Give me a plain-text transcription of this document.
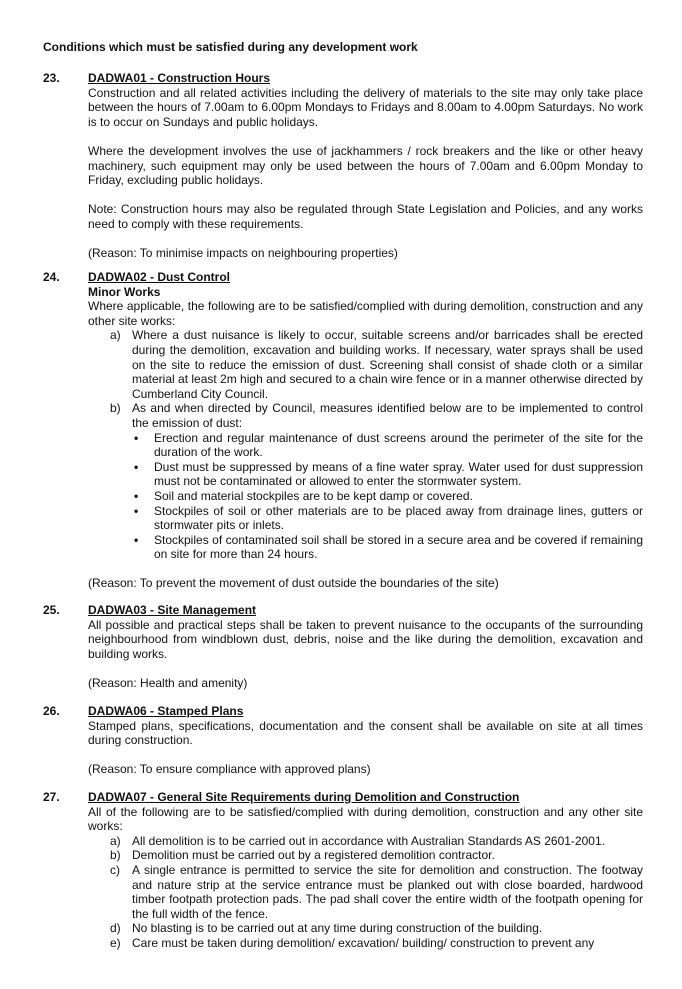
Conditions which must be satisfied during any development work
23. DADWA01 - Construction Hours

Construction and all related activities including the delivery of materials to the site may only take place between the hours of 7.00am to 6.00pm Mondays to Fridays and 8.00am to 4.00pm Saturdays. No work is to occur on Sundays and public holidays.

Where the development involves the use of jackhammers / rock breakers and the like or other heavy machinery, such equipment may only be used between the hours of 7.00am and 6.00pm Monday to Friday, excluding public holidays.

Note: Construction hours may also be regulated through State Legislation and Policies, and any works need to comply with these requirements.

(Reason: To minimise impacts on neighbouring properties)

24. DADWA02 - Dust Control
Minor Works
Where applicable, the following are to be satisfied/complied with during demolition, construction and any other site works:
a) Where a dust nuisance is likely to occur, suitable screens and/or barricades shall be erected during the demolition, excavation and building works. If necessary, water sprays shall be used on the site to reduce the emission of dust. Screening shall consist of shade cloth or a similar material at least 2m high and secured to a chain wire fence or in a manner otherwise directed by Cumberland City Council.
b) As and when directed by Council, measures identified below are to be implemented to control the emission of dust:
• Erection and regular maintenance of dust screens around the perimeter of the site for the duration of the work.
• Dust must be suppressed by means of a fine water spray. Water used for dust suppression must not be contaminated or allowed to enter the stormwater system.
• Soil and material stockpiles are to be kept damp or covered.
• Stockpiles of soil or other materials are to be placed away from drainage lines, gutters or stormwater pits or inlets.
• Stockpiles of contaminated soil shall be stored in a secure area and be covered if remaining on site for more than 24 hours.

(Reason: To prevent the movement of dust outside the boundaries of the site)

25. DADWA03 - Site Management

All possible and practical steps shall be taken to prevent nuisance to the occupants of the surrounding neighbourhood from windblown dust, debris, noise and the like during the demolition, excavation and building works.

(Reason: Health and amenity)

26. DADWA06 - Stamped Plans

Stamped plans, specifications, documentation and the consent shall be available on site at all times during construction.

(Reason: To ensure compliance with approved plans)

27. DADWA07 - General Site Requirements during Demolition and Construction
All of the following are to be satisfied/complied with during demolition, construction and any other site works:
a) All demolition is to be carried out in accordance with Australian Standards AS 2601-2001.
b) Demolition must be carried out by a registered demolition contractor.
c) A single entrance is permitted to service the site for demolition and construction. The footway and nature strip at the service entrance must be planked out with close boarded, hardwood timber footpath protection pads. The pad shall cover the entire width of the footpath opening for the full width of the fence.
d) No blasting is to be carried out at any time during construction of the building.
e) Care must be taken during demolition/ excavation/ building/ construction to prevent any
